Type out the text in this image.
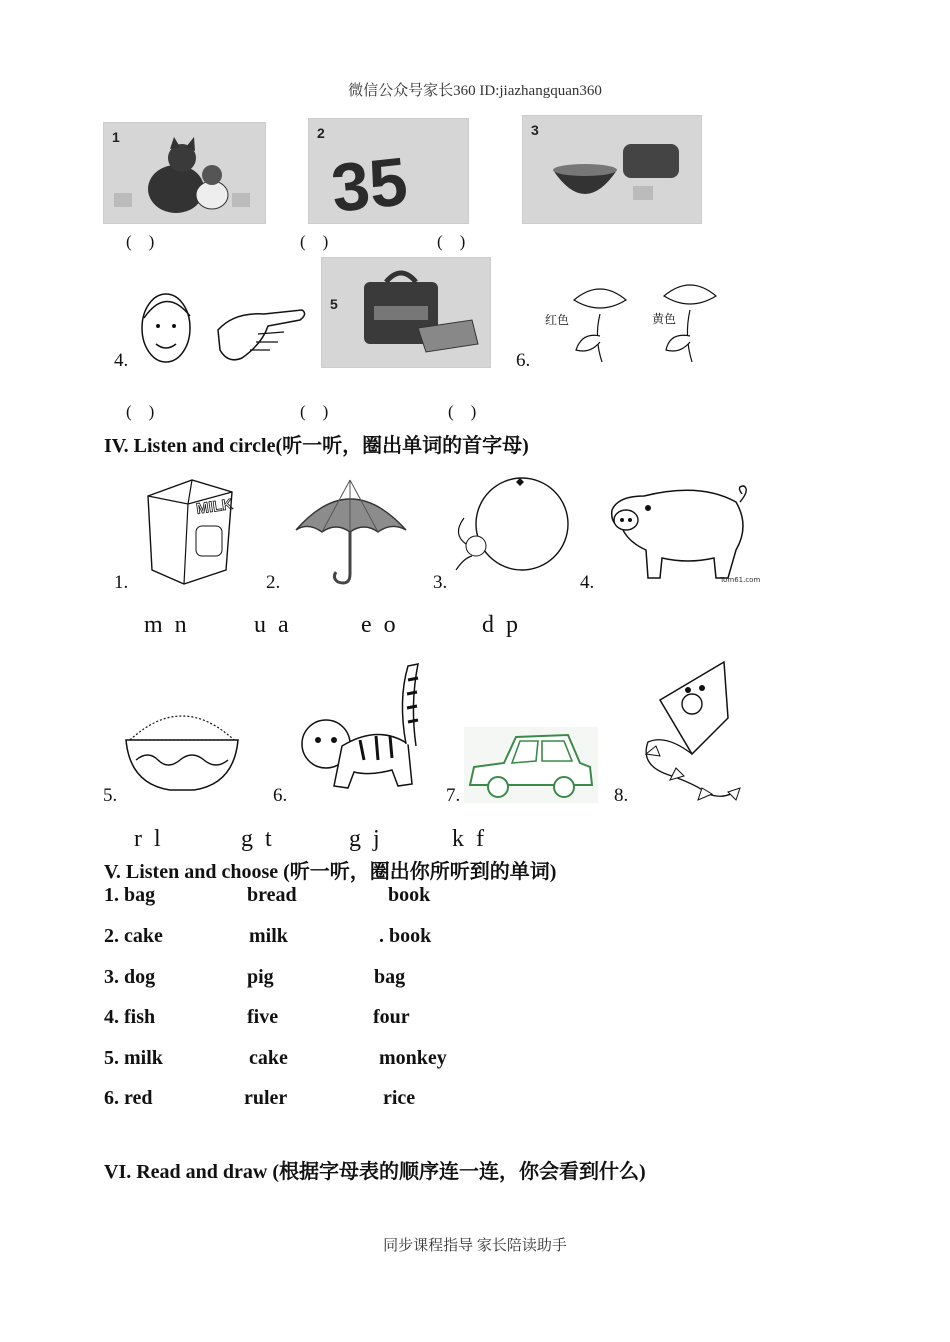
微信公众号家长360 ID:jiazhangquan360
1	2
35
3
(    )	(    )	(    )
4.
5
6.
红色	黄色
(    )	(    )	(    )
IV. Listen and circle(听一听，圈出单词的首字母)
1.
MILK
2.	3.	4.	Tom61.com
m n	u a	e o	d p
5.	6.	7.	8.
r l	g t	g j	k f
V. Listen and choose (听一听，圈出你所听到的单词)
1. bag	bread	book
2. cake	milk	. book
3. dog	pig	bag
4. fish	five	four
5. milk	cake	monkey
6. red	ruler	rice
VI. Read and draw (根据字母表的顺序连一连，你会看到什么)
同步课程指导 家长陪读助手
